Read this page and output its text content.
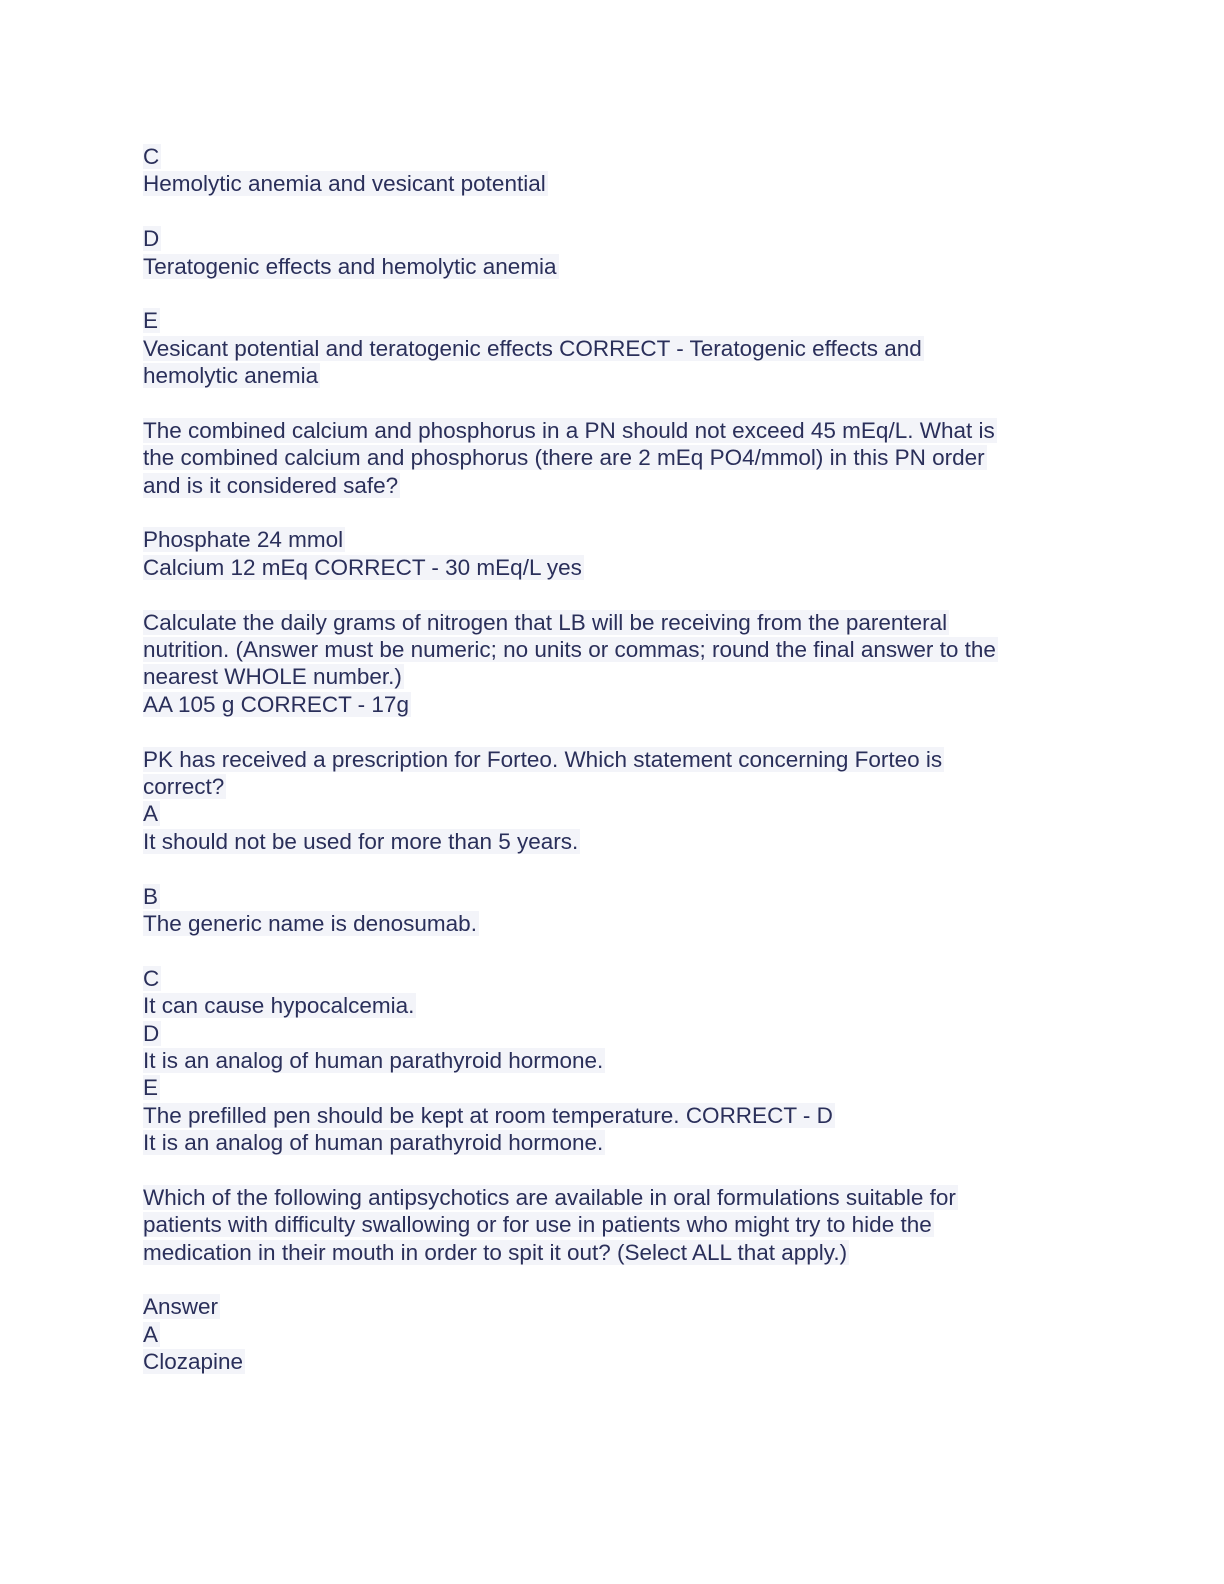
C
Hemolytic anemia and vesicant potential
D
Teratogenic effects and hemolytic anemia
E
Vesicant potential and teratogenic effects CORRECT - Teratogenic effects and
hemolytic anemia
The combined calcium and phosphorus in a PN should not exceed 45 mEq/L. What is
the combined calcium and phosphorus (there are 2 mEq PO4/mmol) in this PN order
and is it considered safe?
Phosphate 24 mmol
Calcium 12 mEq CORRECT - 30 mEq/L yes
Calculate the daily grams of nitrogen that LB will be receiving from the parenteral
nutrition. (Answer must be numeric; no units or commas; round the final answer to the
nearest WHOLE number.)
AA 105 g CORRECT - 17g
PK has received a prescription for Forteo. Which statement concerning Forteo is
correct?
A
It should not be used for more than 5 years.
B
The generic name is denosumab.
C
It can cause hypocalcemia.
D
It is an analog of human parathyroid hormone.
E
The prefilled pen should be kept at room temperature. CORRECT - D
It is an analog of human parathyroid hormone.
Which of the following antipsychotics are available in oral formulations suitable for
patients with difficulty swallowing or for use in patients who might try to hide the
medication in their mouth in order to spit it out? (Select ALL that apply.)
Answer
A
Clozapine
